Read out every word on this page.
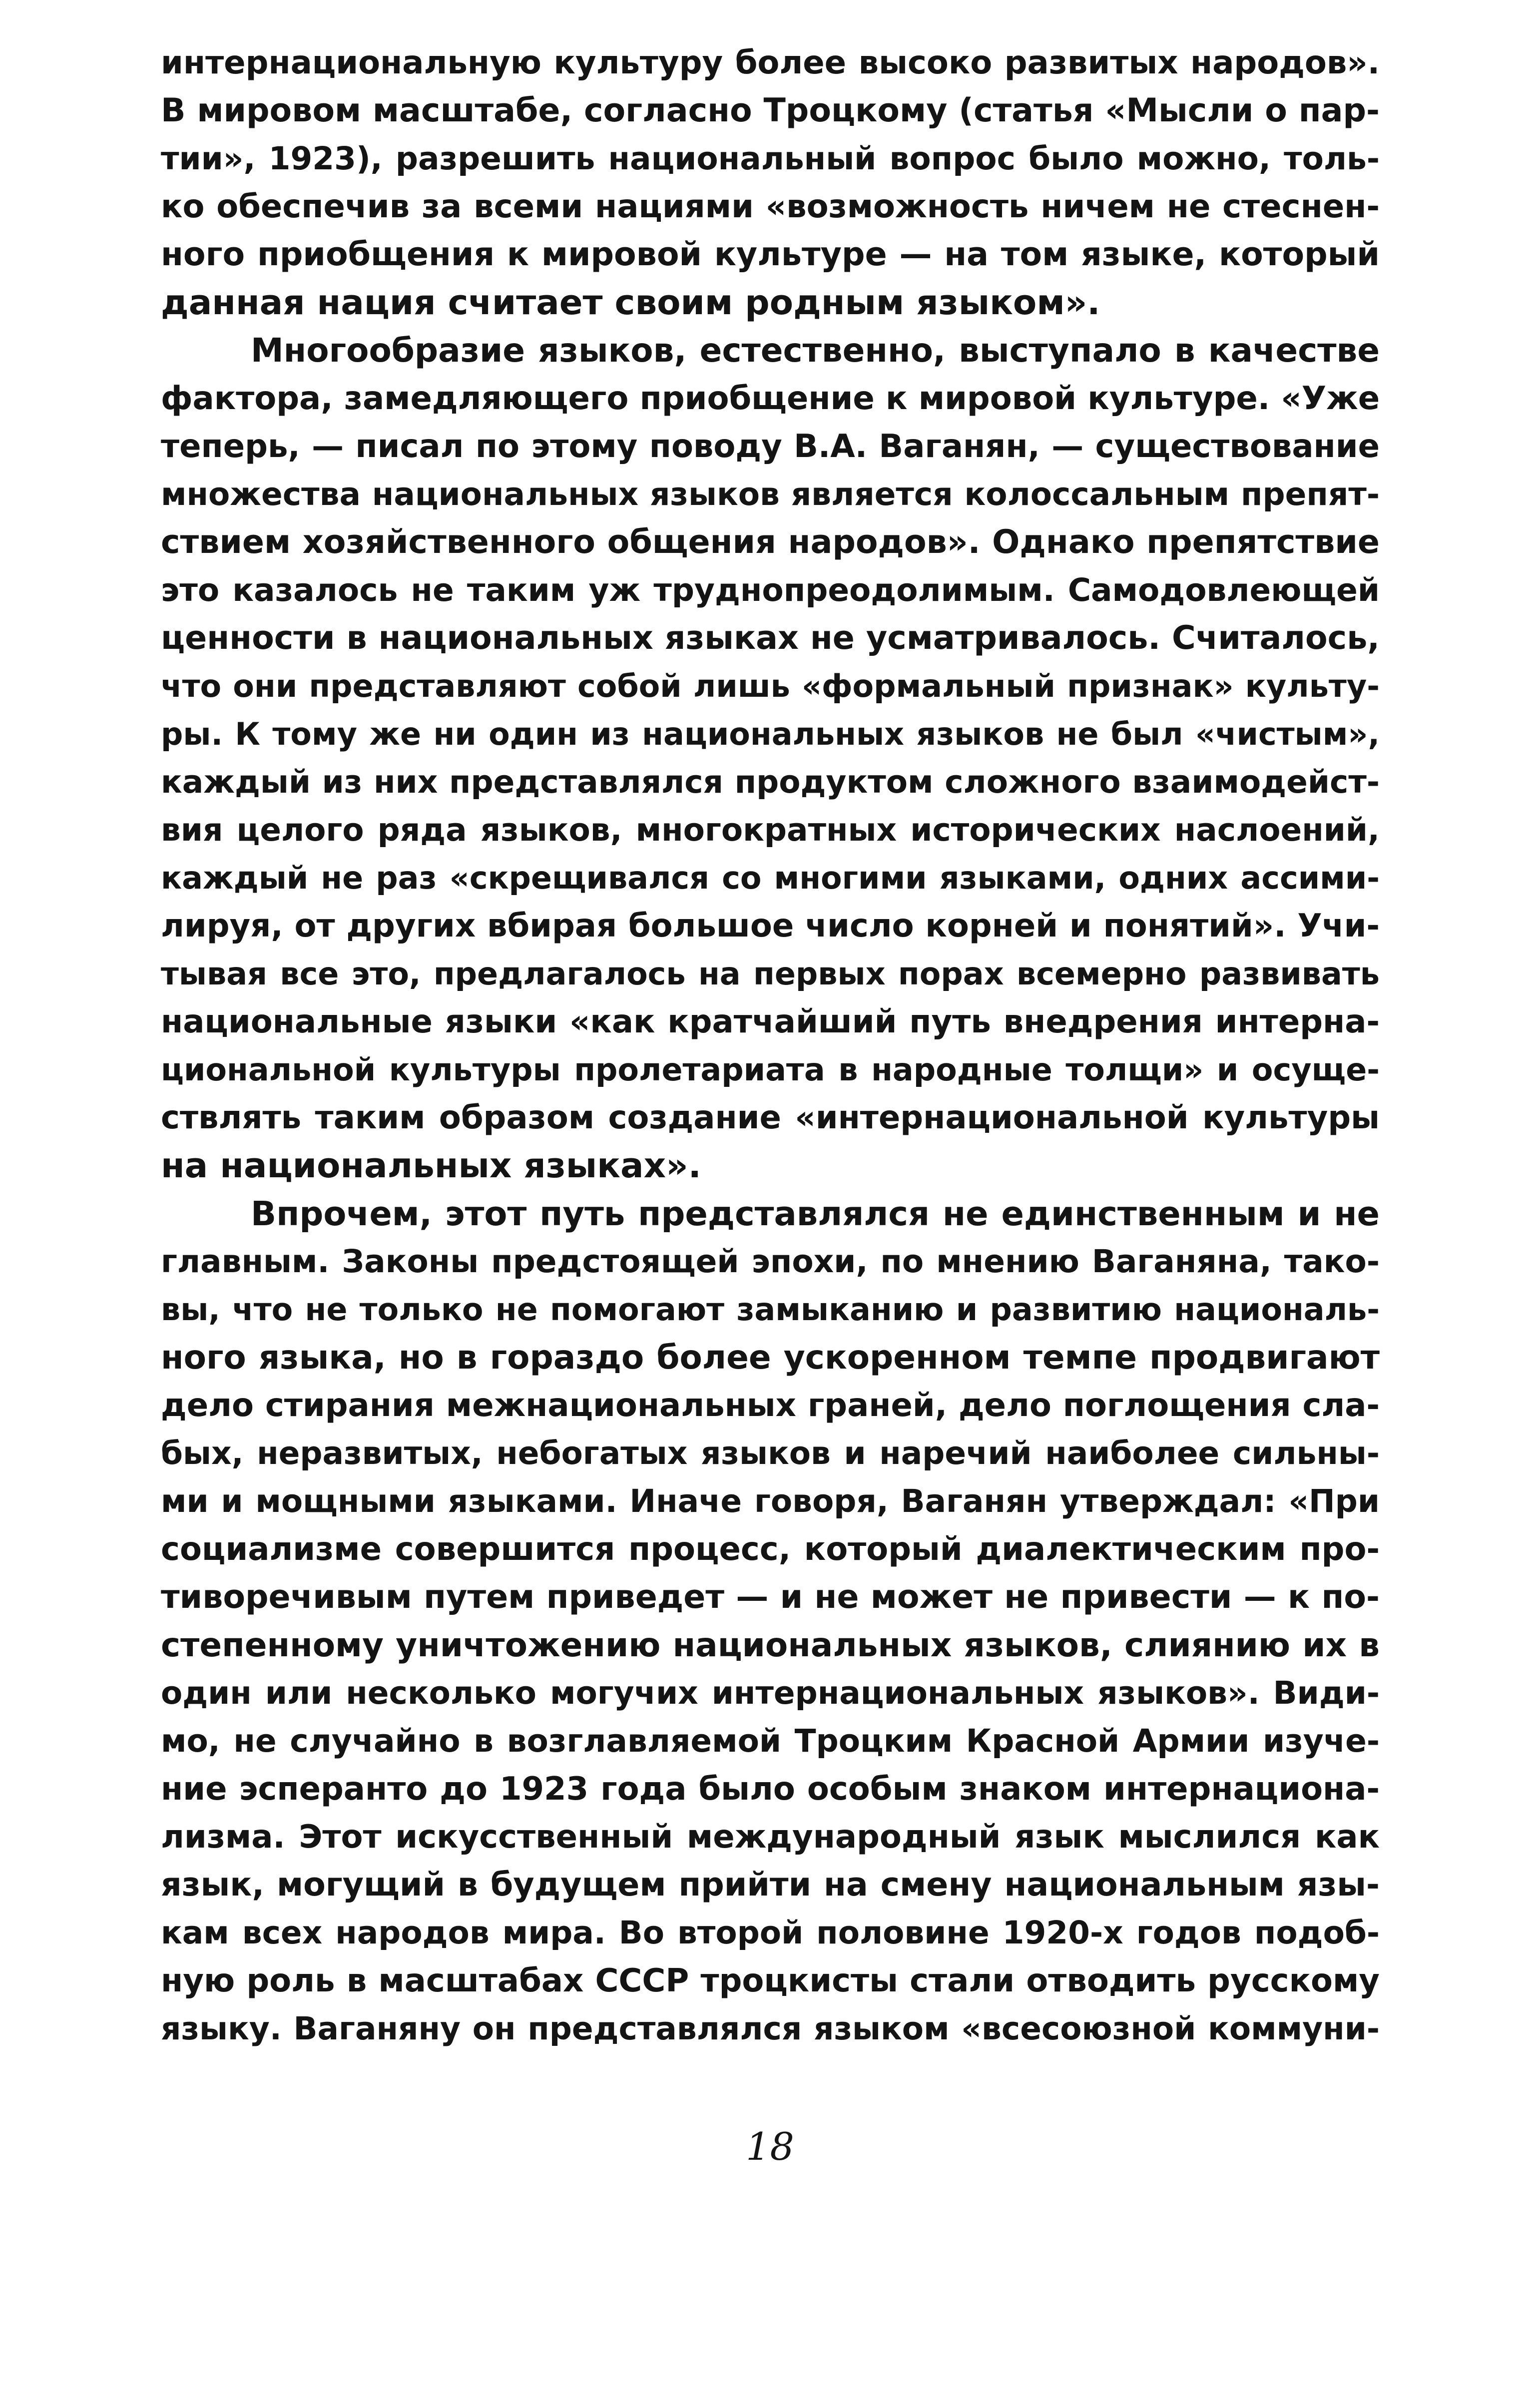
интернациональную культуру более высоко развитых народов».
В мировом масштабе, согласно Троцкому (статья «Мысли о пар-
тии», 1923), разрешить национальный вопрос было можно, толь-
ко обеспечив за всеми нациями «возможность ничем не стеснен-
ного приобщения к мировой культуре — на том языке, который
данная нация считает своим родным языком».
Многообразие языков, естественно, выступало в качестве
фактора, замедляющего приобщение к мировой культуре. «Уже
теперь, — писал по этому поводу В.А. Ваганян, — существование
множества национальных языков является колоссальным препят-
ствием хозяйственного общения народов». Однако препятствие
это казалось не таким уж труднопреодолимым. Самодовлеющей
ценности в национальных языках не усматривалось. Считалось,
что они представляют собой лишь «формальный признак» культу-
ры. К тому же ни один из национальных языков не был «чистым»,
каждый из них представлялся продуктом сложного взаимодейст-
вия целого ряда языков, многократных исторических наслоений,
каждый не раз «скрещивался со многими языками, одних ассими-
лируя, от других вбирая большое число корней и понятий». Учи-
тывая все это, предлагалось на первых порах всемерно развивать
национальные языки «как кратчайший путь внедрения интерна-
циональной культуры пролетариата в народные толщи» и осуще-
ствлять таким образом создание «интернациональной культуры
на национальных языках».
Впрочем, этот путь представлялся не единственным и не
главным. Законы предстоящей эпохи, по мнению Ваганяна, тако-
вы, что не только не помогают замыканию и развитию националь-
ного языка, но в гораздо более ускоренном темпе продвигают
дело стирания межнациональных граней, дело поглощения сла-
бых, неразвитых, небогатых языков и наречий наиболее сильны-
ми и мощными языками. Иначе говоря, Ваганян утверждал: «При
социализме совершится процесс, который диалектическим про-
тиворечивым путем приведет — и не может не привести — к по-
степенному уничтожению национальных языков, слиянию их в
один или несколько могучих интернациональных языков». Види-
мо, не случайно в возглавляемой Троцким Красной Армии изуче-
ние эсперанто до 1923 года было особым знаком интернациона-
лизма. Этот искусственный международный язык мыслился как
язык, могущий в будущем прийти на смену национальным язы-
кам всех народов мира. Во второй половине 1920-х годов подоб-
ную роль в масштабах СССР троцкисты стали отводить русскому
языку. Ваганяну он представлялся языком «всесоюзной коммуни-
18
